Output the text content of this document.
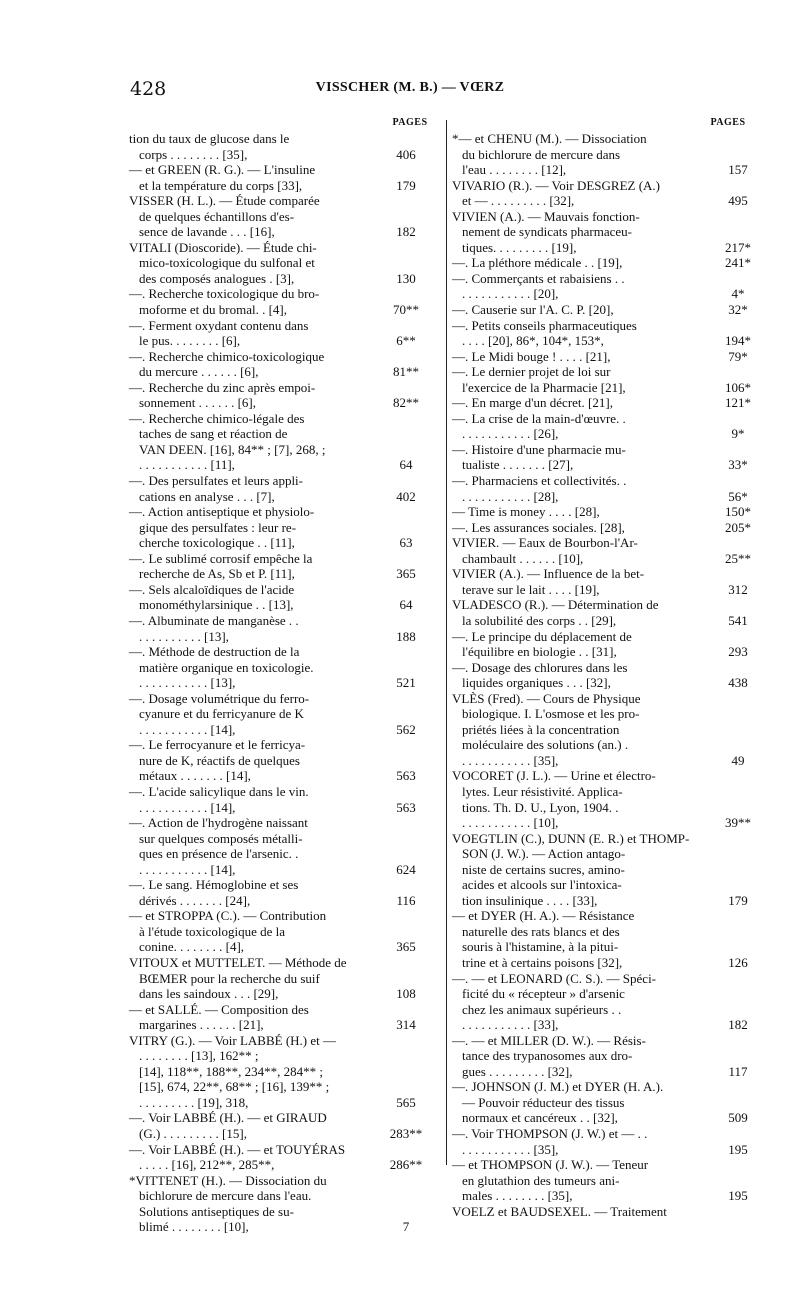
428	VISSCHER (M. B.) — VŒRZ
PAGES	PAGES
tion du taux de glucose dans le
corps . . . . . . . . [35],	406
— et GREEN (R. G.). — L'insuline
et la température du corps [33],	179
VISSER (H. L.). — Étude comparée
de quelques échantillons d'es-
sence de lavande . . . [16],	182
VITALI (Dioscoride). — Étude chi-
mico-toxicologique du sulfonal et
des composés analogues . [3],	130
—. Recherche toxicologique du bro-
moforme et du bromal. . [4],	70**
—. Ferment oxydant contenu dans
le pus. . . . . . . . [6],	6**
—. Recherche chimico-toxicologique
du mercure . . . . . . [6],	81**
—. Recherche du zinc après empoi-
sonnement . . . . . . [6],	82**
—. Recherche chimico-légale des
taches de sang et réaction de
VAN DEEN. [16], 84** ; [7], 268, ;
. . . . . . . . . . . [11],	64
—. Des persulfates et leurs appli-
cations en analyse . . . [7],	402
—. Action antiseptique et physiolo-
gique des persulfates : leur re-
cherche toxicologique . . [11],	63
—. Le sublimé corrosif empêche la
recherche de As, Sb et P. [11],	365
—. Sels alcaloïdiques de l'acide
monométhylarsinique . . [13],	64
—. Albuminate de manganèse . .
. . . . . . . . . . [13],	188
—. Méthode de destruction de la
matière organique en toxicologie.
. . . . . . . . . . . [13],	521
—. Dosage volumétrique du ferro-
cyanure et du ferricyanure de K
. . . . . . . . . . . [14],	562
—. Le ferrocyanure et le ferricya-
nure de K, réactifs de quelques
métaux . . . . . . . [14],	563
—. L'acide salicylique dans le vin.
. . . . . . . . . . . [14],	563
—. Action de l'hydrogène naissant
sur quelques composés métalli-
ques en présence de l'arsenic. .
. . . . . . . . . . . [14],	624
—. Le sang. Hémoglobine et ses
dérivés . . . . . . . [24],	116
— et STROPPA (C.). — Contribution
à l'étude toxicologique de la
conine. . . . . . . . [4],	365
VITOUX et MUTTELET. — Méthode de
BŒMER pour la recherche du suif
dans les saindoux . . . [29],	108
— et SALLÉ. — Composition des
margarines . . . . . . [21],	314
VITRY (G.). — Voir LABBÉ (H.) et —
. . . . . . . . [13], 162** ;
[14], 118**, 188**, 234**, 284** ;
[15], 674, 22**, 68** ; [16], 139** ;
. . . . . . . . . [19], 318,	565
—. Voir LABBÉ (H.). — et GIRAUD
(G.) . . . . . . . . . [15],	283**
—. Voir LABBÉ (H.). — et TOUYÉRAS
. . . . . [16], 212**, 285**,	286**
*VITTENET (H.). — Dissociation du
bichlorure de mercure dans l'eau.
Solutions antiseptiques de su-
blimé . . . . . . . . [10],	7
*— et CHENU (M.). — Dissociation
du bichlorure de mercure dans
l'eau . . . . . . . . [12],	157
VIVARIO (R.). — Voir DESGREZ (A.)
et — . . . . . . . . . [32],	495
VIVIEN (A.). — Mauvais fonction-
nement de syndicats pharmaceu-
tiques. . . . . . . . . [19],	217*
—. La pléthore médicale . . [19],	241*
—. Commerçants et rabaisiens . .
. . . . . . . . . . . [20],	4*
—. Causerie sur l'A. C. P. [20],	32*
—. Petits conseils pharmaceutiques
. . . . [20], 86*, 104*, 153*,	194*
—. Le Midi bouge ! . . . . [21],	79*
—. Le dernier projet de loi sur
l'exercice de la Pharmacie [21],	106*
—. En marge d'un décret. [21],	121*
—. La crise de la main-d'œuvre. .
. . . . . . . . . . . [26],	9*
—. Histoire d'une pharmacie mu-
tualiste . . . . . . . [27],	33*
—. Pharmaciens et collectivités. .
. . . . . . . . . . . [28],	56*
— Time is money . . . . [28],	150*
—. Les assurances sociales. [28],	205*
VIVIER. — Eaux de Bourbon-l'Ar-
chambault . . . . . . [10],	25**
VIVIER (A.). — Influence de la bet-
terave sur le lait . . . . [19],	312
VLADESCO (R.). — Détermination de
la solubilité des corps . . [29],	541
—. Le principe du déplacement de
l'équilibre en biologie . . [31],	293
—. Dosage des chlorures dans les
liquides organiques . . . [32],	438
VLÈS (Fred). — Cours de Physique
biologique. I. L'osmose et les pro-
priétés liées à la concentration
moléculaire des solutions (an.) .
. . . . . . . . . . . [35],	49
VOCORET (J. L.). — Urine et électro-
lytes. Leur résistivité. Applica-
tions. Th. D. U., Lyon, 1904. .
. . . . . . . . . . . [10],	39**
VOEGTLIN (C.), DUNN (E. R.) et THOMP-
SON (J. W.). — Action antago-
niste de certains sucres, amino-
acides et alcools sur l'intoxica-
tion insulinique . . . . [33],	179
— et DYER (H. A.). — Résistance
naturelle des rats blancs et des
souris à l'histamine, à la pitui-
trine et à certains poisons [32],	126
—. — et LEONARD (C. S.). — Spéci-
ficité du « récepteur » d'arsenic
chez les animaux supérieurs . .
. . . . . . . . . . . [33],	182
—. — et MILLER (D. W.). — Résis-
tance des trypanosomes aux dro-
gues . . . . . . . . . [32],	117
—. JOHNSON (J. M.) et DYER (H. A.).
— Pouvoir réducteur des tissus
normaux et cancéreux . . [32],	509
—. Voir THOMPSON (J. W.) et — . .
. . . . . . . . . . . [35],	195
— et THOMPSON (J. W.). — Teneur
en glutathion des tumeurs ani-
males . . . . . . . . [35],	195
VOELZ et BAUDSEXEL. — Traitement
